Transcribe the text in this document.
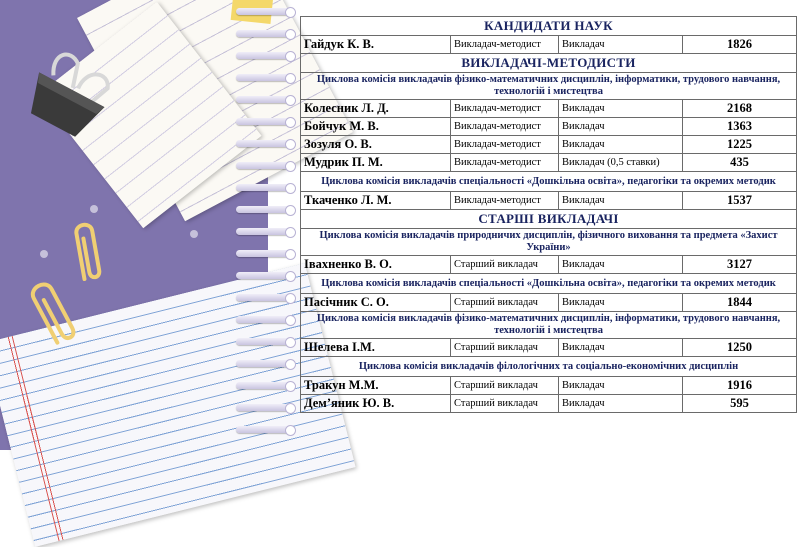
КАНДИДАТИ НАУК			
Гайдук К. В.	Викладач-методист	Викладач	1826
ВИКЛАДАЧІ-МЕТОДИСТИ			
Циклова комісія викладачів фізико-математичних дисциплін, інформатики, трудового навчання, технологій і мистецтва			
Колесник Л. Д.	Викладач-методист	Викладач	2168
Бойчук М. В.	Викладач-методист	Викладач	1363
Зозуля О. В.	Викладач-методист	Викладач	1225
Мудрик П. М.	Викладач-методист	Викладач (0,5 ставки)	435
Циклова комісія викладачів спеціальності «Дошкільна освіта», педагогіки та окремих методик			
Ткаченко Л. М.	Викладач-методист	Викладач	1537
СТАРШІ ВИКЛАДАЧІ			
Циклова комісія викладачів природничих дисциплін, фізичного виховання та предмета «Захист України»			
Івахненко В. О.	Старший викладач	Викладач	3127
Циклова комісія викладачів спеціальності «Дошкільна освіта», педагогіки та окремих методик			
Пасічник С. О.	Старший викладач	Викладач	1844
Циклова комісія викладачів фізико-математичних дисциплін, інформатики, трудового навчання, технологій і мистецтва			
Шелева І.М.	Старший викладач	Викладач	1250
Циклова комісія викладачів філологічних та соціально-економічних дисциплін			
Тракун М.М.	Старший викладач	Викладач	1916
Дем’яник Ю. В.	Старший викладач	Викладач	595
